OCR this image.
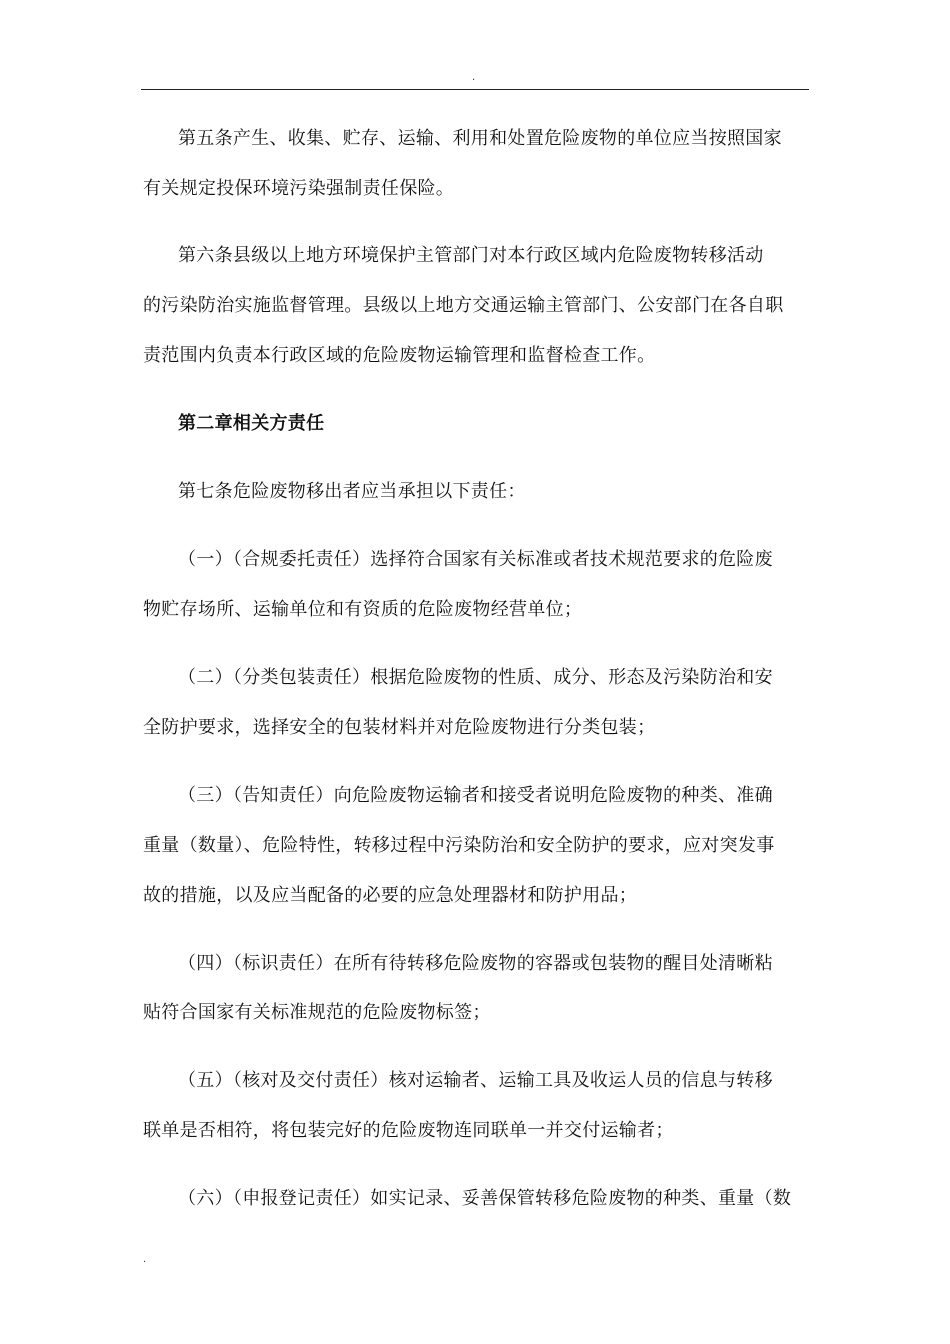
.
第五条产生、收集、贮存、运输、利用和处置危险废物的单位应当按照国家
有关规定投保环境污染强制责任保险。
第六条县级以上地方环境保护主管部门对本行政区域内危险废物转移活动
的污染防治实施监督管理。县级以上地方交通运输主管部门、公安部门在各自职
责范围内负责本行政区域的危险废物运输管理和监督检查工作。
第二章相关方责任
第七条危险废物移出者应当承担以下责任：
（一）（合规委托责任）选择符合国家有关标准或者技术规范要求的危险废
物贮存场所、运输单位和有资质的危险废物经营单位；
（二）（分类包装责任）根据危险废物的性质、成分、形态及污染防治和安
全防护要求，选择安全的包装材料并对危险废物进行分类包装；
（三）（告知责任）向危险废物运输者和接受者说明危险废物的种类、准确
重量（数量）、危险特性，转移过程中污染防治和安全防护的要求，应对突发事
故的措施，以及应当配备的必要的应急处理器材和防护用品；
（四）（标识责任）在所有待转移危险废物的容器或包装物的醒目处清晰粘
贴符合国家有关标准规范的危险废物标签；
（五）（核对及交付责任）核对运输者、运输工具及收运人员的信息与转移
联单是否相符，将包装完好的危险废物连同联单一并交付运输者；
（六）（申报登记责任）如实记录、妥善保管转移危险废物的种类、重量（数
.
